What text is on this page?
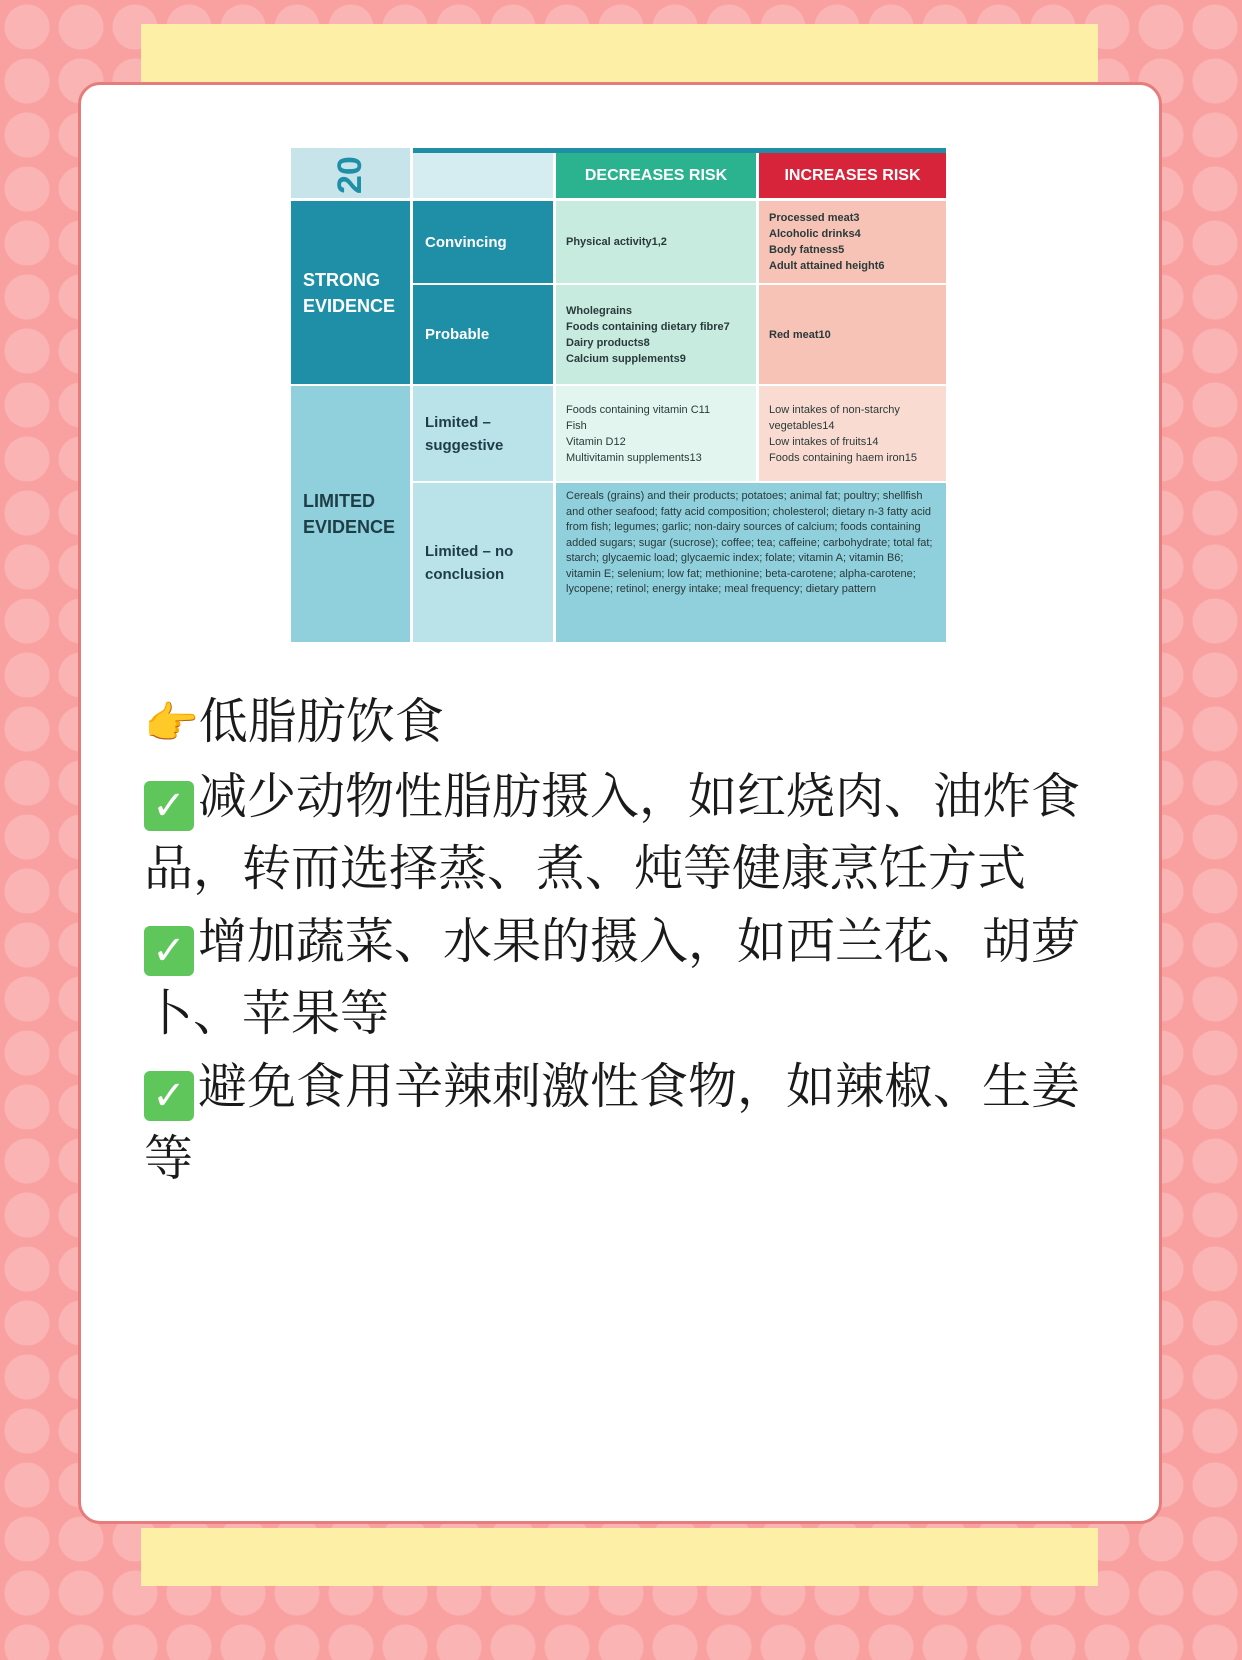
20	DECREASES RISK	INCREASES RISK
STRONG EVIDENCE
LIMITED EVIDENCE
Convincing
Probable
Limited – suggestive
Limited – no conclusion
Physical activity1,2
Processed meat3
Alcoholic drinks4
Body fatness5
Adult attained height6
Wholegrains
Foods containing dietary fibre7
Dairy products8
Calcium supplements9
Red meat10
Foods containing vitamin C11
Fish
Vitamin D12
Multivitamin supplements13
Low intakes of non-starchy vegetables14
Low intakes of fruits14
Foods containing haem iron15
Cereals (grains) and their products; potatoes; animal fat; poultry; shellfish and other seafood; fatty acid composition; cholesterol; dietary n-3 fatty acid from fish; legumes; garlic; non-dairy sources of calcium; foods containing added sugars; sugar (sucrose); coffee; tea; caffeine; carbohydrate; total fat; starch; glycaemic load; glycaemic index; folate; vitamin A; vitamin B6; vitamin E; selenium; low fat; methionine; beta-carotene; alpha-carotene; lycopene; retinol; energy intake; meal frequency; dietary pattern
👉低脂肪饮食
✓ 减少动物性脂肪摄入，如红烧肉、油炸食品，转而选择蒸、煮、炖等健康烹饪方式
✓ 增加蔬菜、水果的摄入，如西兰花、胡萝卜、苹果等
✓ 避免食用辛辣刺激性食物，如辣椒、生姜等
